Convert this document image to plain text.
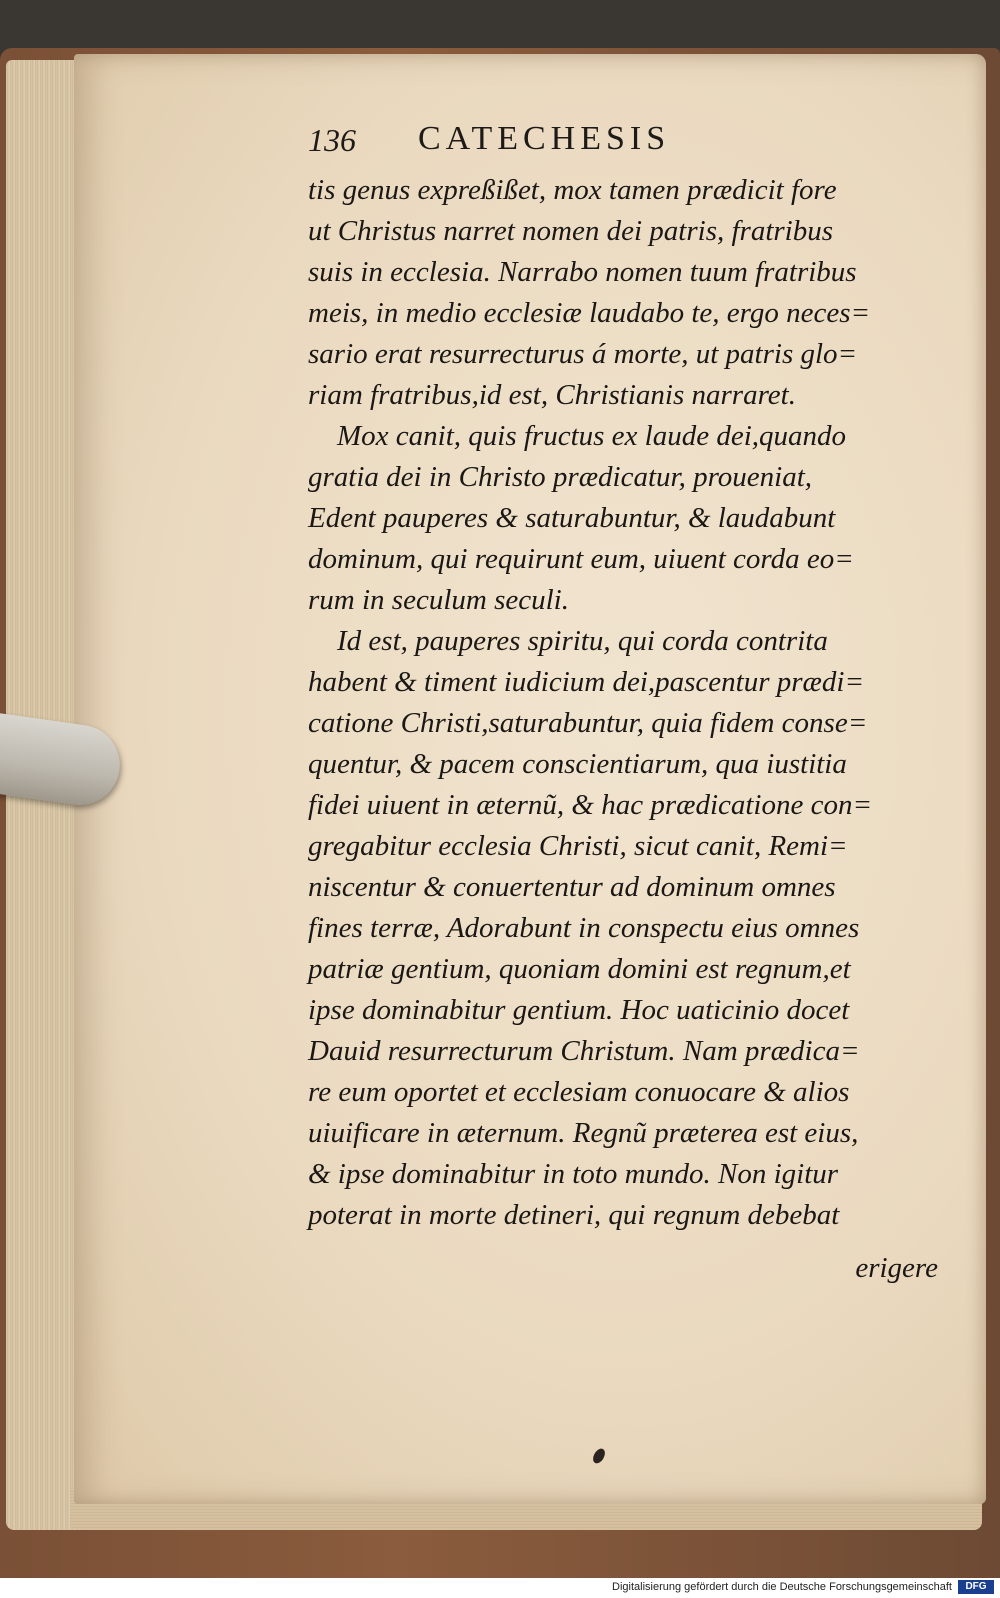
136 CATECHESIS
tis genus expreßißet, mox tamen prædicit fore
ut Christus narret nomen dei patris, fratribus
suis in ecclesia. Narrabo nomen tuum fratribus
meis, in medio ecclesiæ laudabo te, ergo neces=
sario erat resurrecturus á morte, ut patris glo=
riam fratribus,id est, Christianis narraret.
Mox canit, quis fructus ex laude dei,quando
gratia dei in Christo prædicatur, proueniat,
Edent pauperes & saturabuntur, & laudabunt
dominum, qui requirunt eum, uiuent corda eo=
rum in seculum seculi.
Id est, pauperes spiritu, qui corda contrita
habent & timent iudicium dei,pascentur prædi=
catione Christi,saturabuntur, quia fidem conse=
quentur, & pacem conscientiarum, qua iustitia
fidei uiuent in æternũ, & hac prædicatione con=
gregabitur ecclesia Christi, sicut canit, Remi=
niscentur & conuertentur ad dominum omnes
fines terræ, Adorabunt in conspectu eius omnes
patriæ gentium, quoniam domini est regnum,et
ipse dominabitur gentium. Hoc uaticinio docet
Dauid resurrecturum Christum. Nam prædica=
re eum oportet et ecclesiam conuocare & alios
uiuificare in æternum. Regnũ præterea est eius,
& ipse dominabitur in toto mundo. Non igitur
poterat in morte detineri, qui regnum debebat
erigere
Digitalisierung gefördert durch die Deutsche Forschungsgemeinschaft	DFG
